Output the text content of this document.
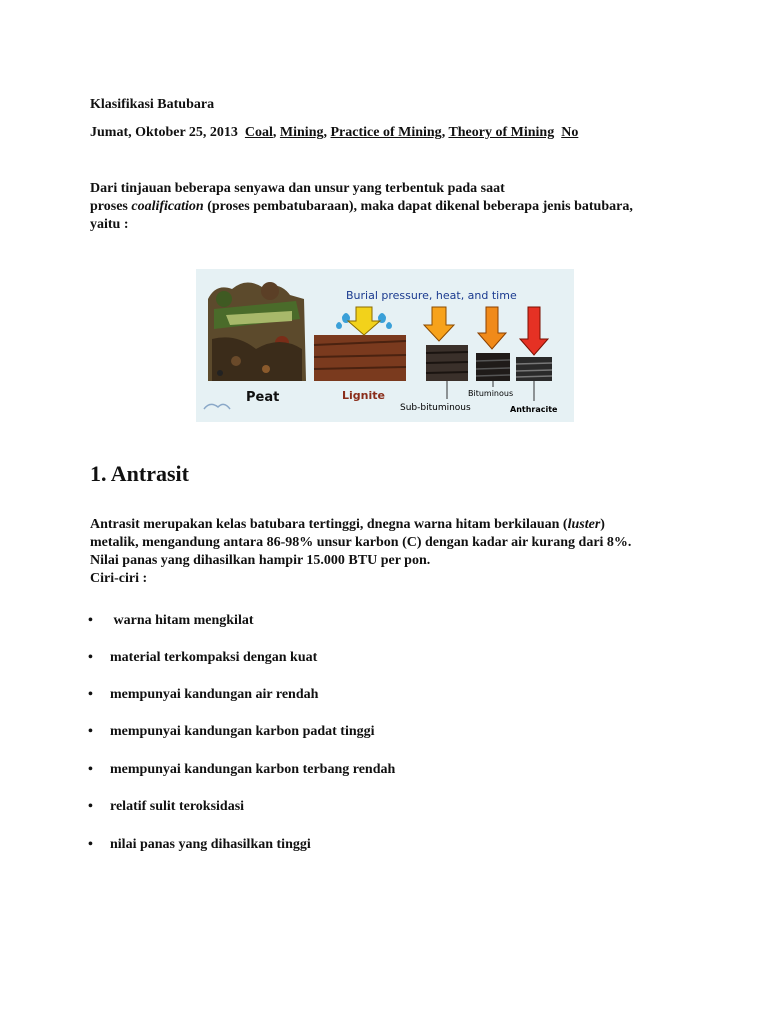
Klasifikasi Batubara
Jumat, Oktober 25, 2013 Coal, Mining, Practice of Mining, Theory of Mining No
Dari tinjauan beberapa senyawa dan unsur yang terbentuk pada saat
proses coalification (proses pembatubaraan), maka dapat dikenal beberapa jenis batubara,
yaitu :
Burial pressure, heat, and time
Peat	Lignite
Sub-bituminous
Bituminous
Anthracite
1. Antrasit
Antrasit merupakan kelas batubara tertinggi, dnegna warna hitam berkilauan (luster)
metalik, mengandung antara 86-98% unsur karbon (C) dengan kadar air kurang dari 8%.
Nilai panas yang dihasilkan hampir 15.000 BTU per pon.
Ciri-ciri :
• warna hitam mengkilat
• material terkompaksi dengan kuat
• mempunyai kandungan air rendah
• mempunyai kandungan karbon padat tinggi
• mempunyai kandungan karbon terbang rendah
• relatif sulit teroksidasi
• nilai panas yang dihasilkan tinggi
